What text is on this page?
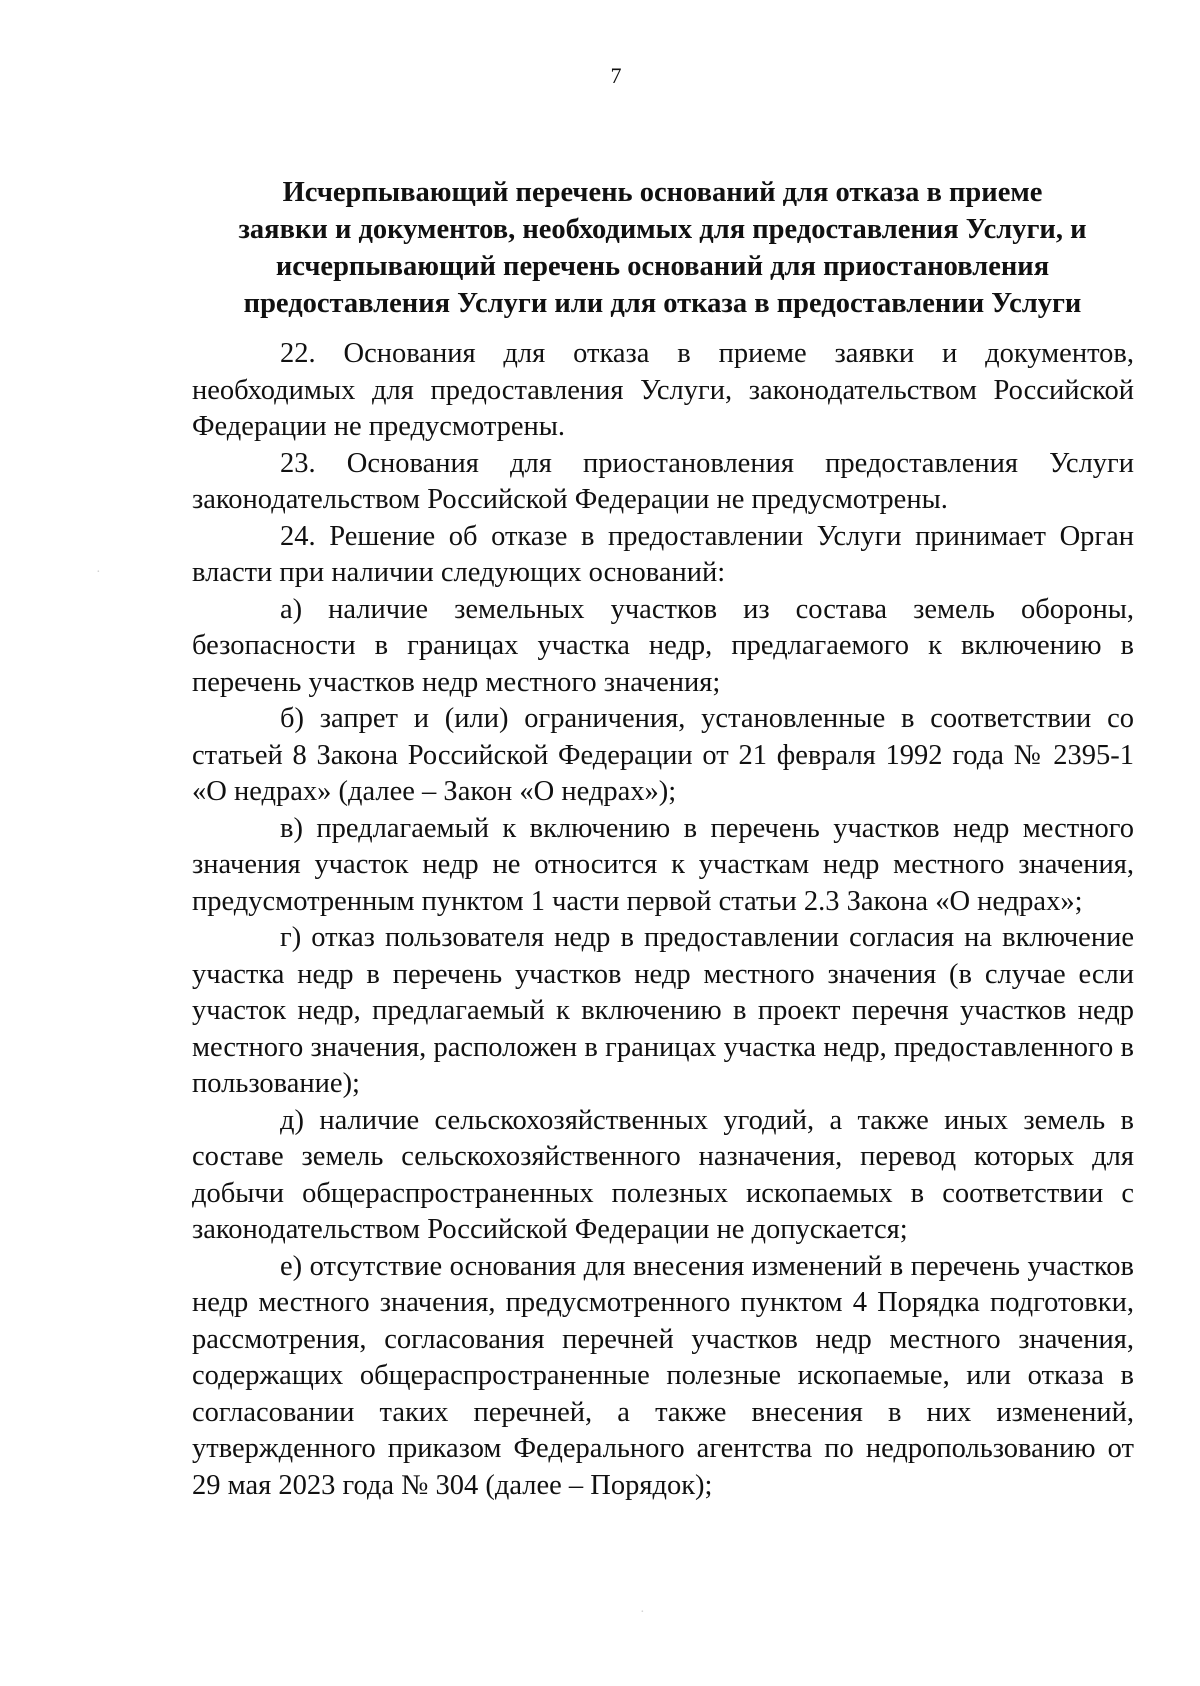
7
Исчерпывающий перечень оснований для отказа в приеме
заявки и документов, необходимых для предоставления Услуги, и
исчерпывающий перечень оснований для приостановления
предоставления Услуги или для отказа в предоставлении Услуги

22. Основания для отказа в приеме заявки и документов, необходимых для предоставления Услуги, законодательством Российской Федерации не предусмотрены.

23. Основания для приостановления предоставления Услуги законодательством Российской Федерации не предусмотрены.

24. Решение об отказе в предоставлении Услуги принимает Орган власти при наличии следующих оснований:

а) наличие земельных участков из состава земель обороны, безопасности в границах участка недр, предлагаемого к включению в перечень участков недр местного значения;

б) запрет и (или) ограничения, установленные в соответствии со статьей 8 Закона Российской Федерации от 21 февраля 1992 года № 2395-1 «О недрах» (далее – Закон «О недрах»);

в) предлагаемый к включению в перечень участков недр местного значения участок недр не относится к участкам недр местного значения, предусмотренным пунктом 1 части первой статьи 2.3 Закона «О недрах»;

г) отказ пользователя недр в предоставлении согласия на включение участка недр в перечень участков недр местного значения (в случае если участок недр, предлагаемый к включению в проект перечня участков недр местного значения, расположен в границах участка недр, предоставленного в пользование);

д) наличие сельскохозяйственных угодий, а также иных земель в составе земель сельскохозяйственного назначения, перевод которых для добычи общераспространенных полезных ископаемых в соответствии с законодательством Российской Федерации не допускается;

е) отсутствие основания для внесения изменений в перечень участков недр местного значения, предусмотренного пунктом 4 Порядка подготовки, рассмотрения, согласования перечней участков недр местного значения, содержащих общераспространенные полезные ископаемые, или отказа в согласовании таких перечней, а также внесения в них изменений, утвержденного приказом Федерального агентства по недропользованию от 29 мая 2023 года № 304 (далее – Порядок);

·
·
